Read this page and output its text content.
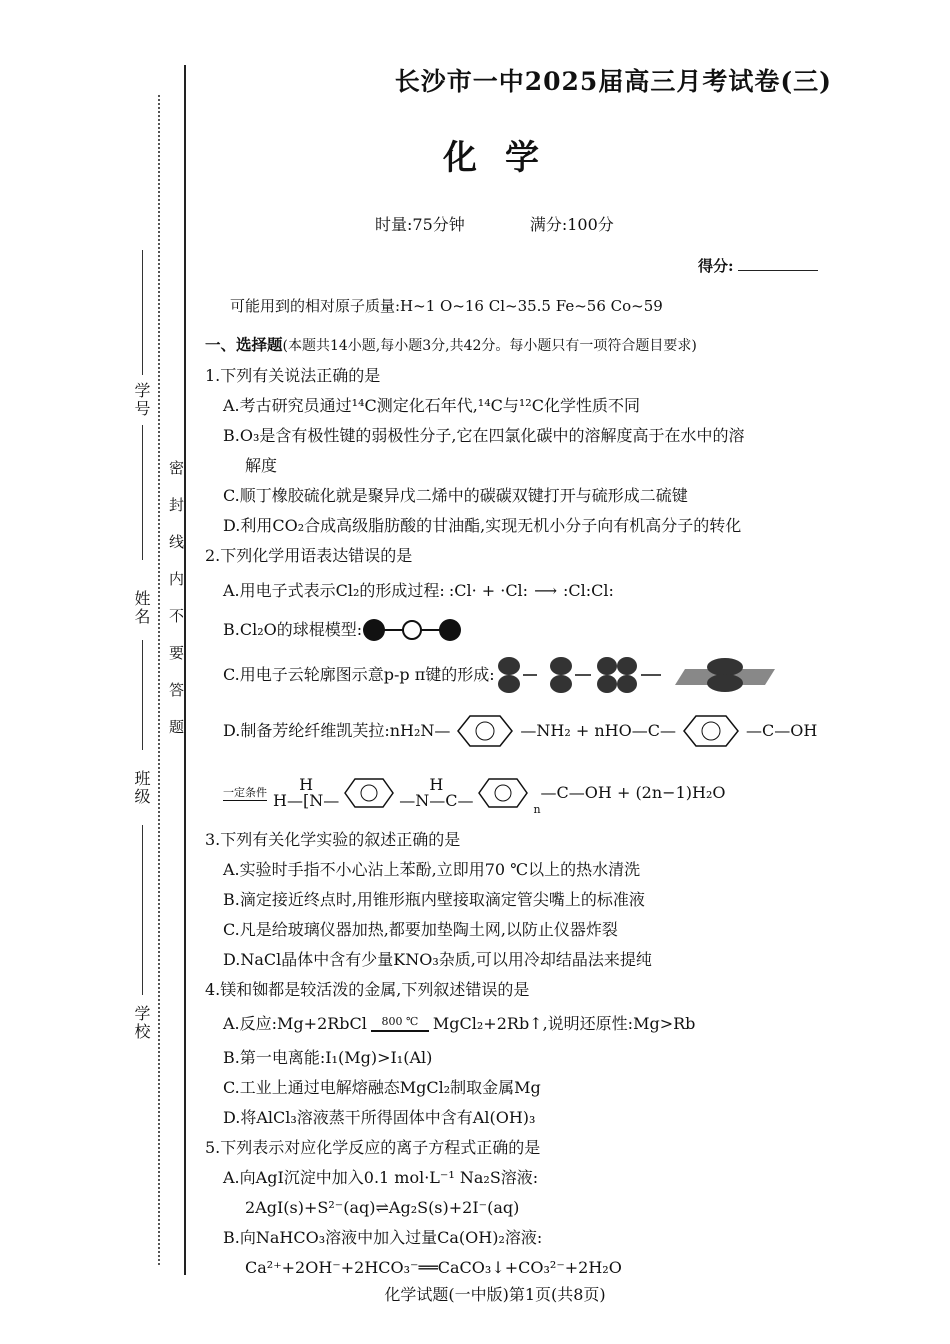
学号
姓名
班级
学校
密封线内不要答题
长沙市一中2025届高三月考试卷(三)
化学
时量:75分钟	满分:100分
得分:
可能用到的相对原子质量:H~1 O~16 Cl~35.5 Fe~56 Co~59
一、选择题(本题共14小题,每小题3分,共42分。每小题只有一项符合题目要求)
1.下列有关说法正确的是
A.考古研究员通过¹⁴C测定化石年代,¹⁴C与¹²C化学性质不同
B.O₃是含有极性键的弱极性分子,它在四氯化碳中的溶解度高于在水中的溶
解度
C.顺丁橡胶硫化就是聚异戊二烯中的碳碳双键打开与硫形成二硫键
D.利用CO₂合成高级脂肪酸的甘油酯,实现无机小分子向有机高分子的转化
2.下列化学用语表达错误的是
A.用电子式表示Cl₂的形成过程: :Cl· + ·Cl: ⟶ :Cl:Cl:
B.Cl₂O的球棍模型:
C.用电子云轮廓图示意p-p π键的形成:
D.制备芳纶纤维凯芙拉:nH₂N—	—NH₂ + nHO—C—	—C—OH
一定条件 H
H—[N—
H
—N—C—	n
—C—OH + (2n−1)H₂O
3.下列有关化学实验的叙述正确的是
A.实验时手指不小心沾上苯酚,立即用70 ℃以上的热水清洗
B.滴定接近终点时,用锥形瓶内壁接取滴定管尖嘴上的标准液
C.凡是给玻璃仪器加热,都要加垫陶土网,以防止仪器炸裂
D.NaCl晶体中含有少量KNO₃杂质,可以用冷却结晶法来提纯
4.镁和铷都是较活泼的金属,下列叙述错误的是
A.反应:Mg+2RbCl 800 ℃ MgCl₂+2Rb↑,说明还原性:Mg>Rb
B.第一电离能:I₁(Mg)>I₁(Al)
C.工业上通过电解熔融态MgCl₂制取金属Mg
D.将AlCl₃溶液蒸干所得固体中含有Al(OH)₃
5.下列表示对应化学反应的离子方程式正确的是
A.向AgI沉淀中加入0.1 mol·L⁻¹ Na₂S溶液:
2AgI(s)+S²⁻(aq)⇌Ag₂S(s)+2I⁻(aq)
B.向NaHCO₃溶液中加入过量Ca(OH)₂溶液:
Ca²⁺+2OH⁻+2HCO₃⁻══CaCO₃↓+CO₃²⁻+2H₂O
化学试题(一中版)第1页(共8页)
